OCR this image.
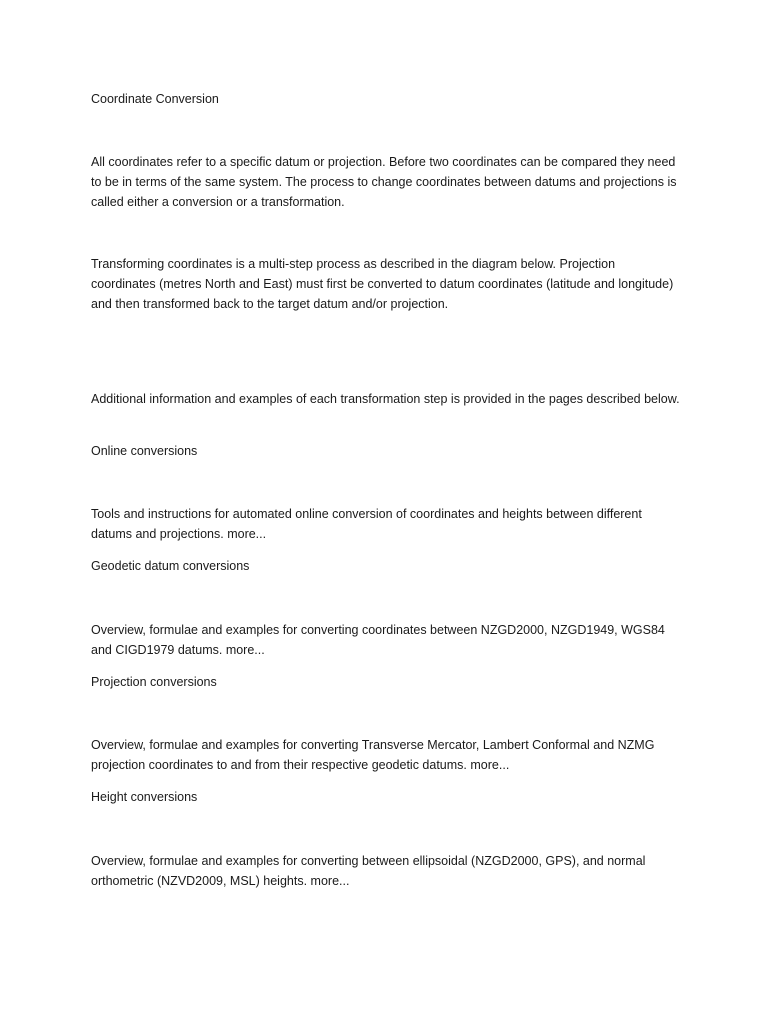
Coordinate Conversion

All coordinates refer to a specific datum or projection. Before two coordinates can be compared they need to be in terms of the same system. The process to change coordinates between datums and projections is called either a conversion or a transformation.

Transforming coordinates is a multi-step process as described in the diagram below. Projection coordinates (metres North and East) must first be converted to datum coordinates (latitude and longitude) and then transformed back to the target datum and/or projection.

Additional information and examples of each transformation step is provided in the pages described below.

Online conversions

Tools and instructions for automated online conversion of coordinates and heights between different datums and projections. more...

Geodetic datum conversions

Overview, formulae and examples for converting coordinates between NZGD2000, NZGD1949, WGS84 and CIGD1979 datums. more...

Projection conversions

Overview, formulae and examples for converting Transverse Mercator, Lambert Conformal and NZMG projection coordinates to and from their respective geodetic datums. more...

Height conversions

Overview, formulae and examples for converting between ellipsoidal (NZGD2000, GPS), and normal orthometric (NZVD2009, MSL) heights. more...
